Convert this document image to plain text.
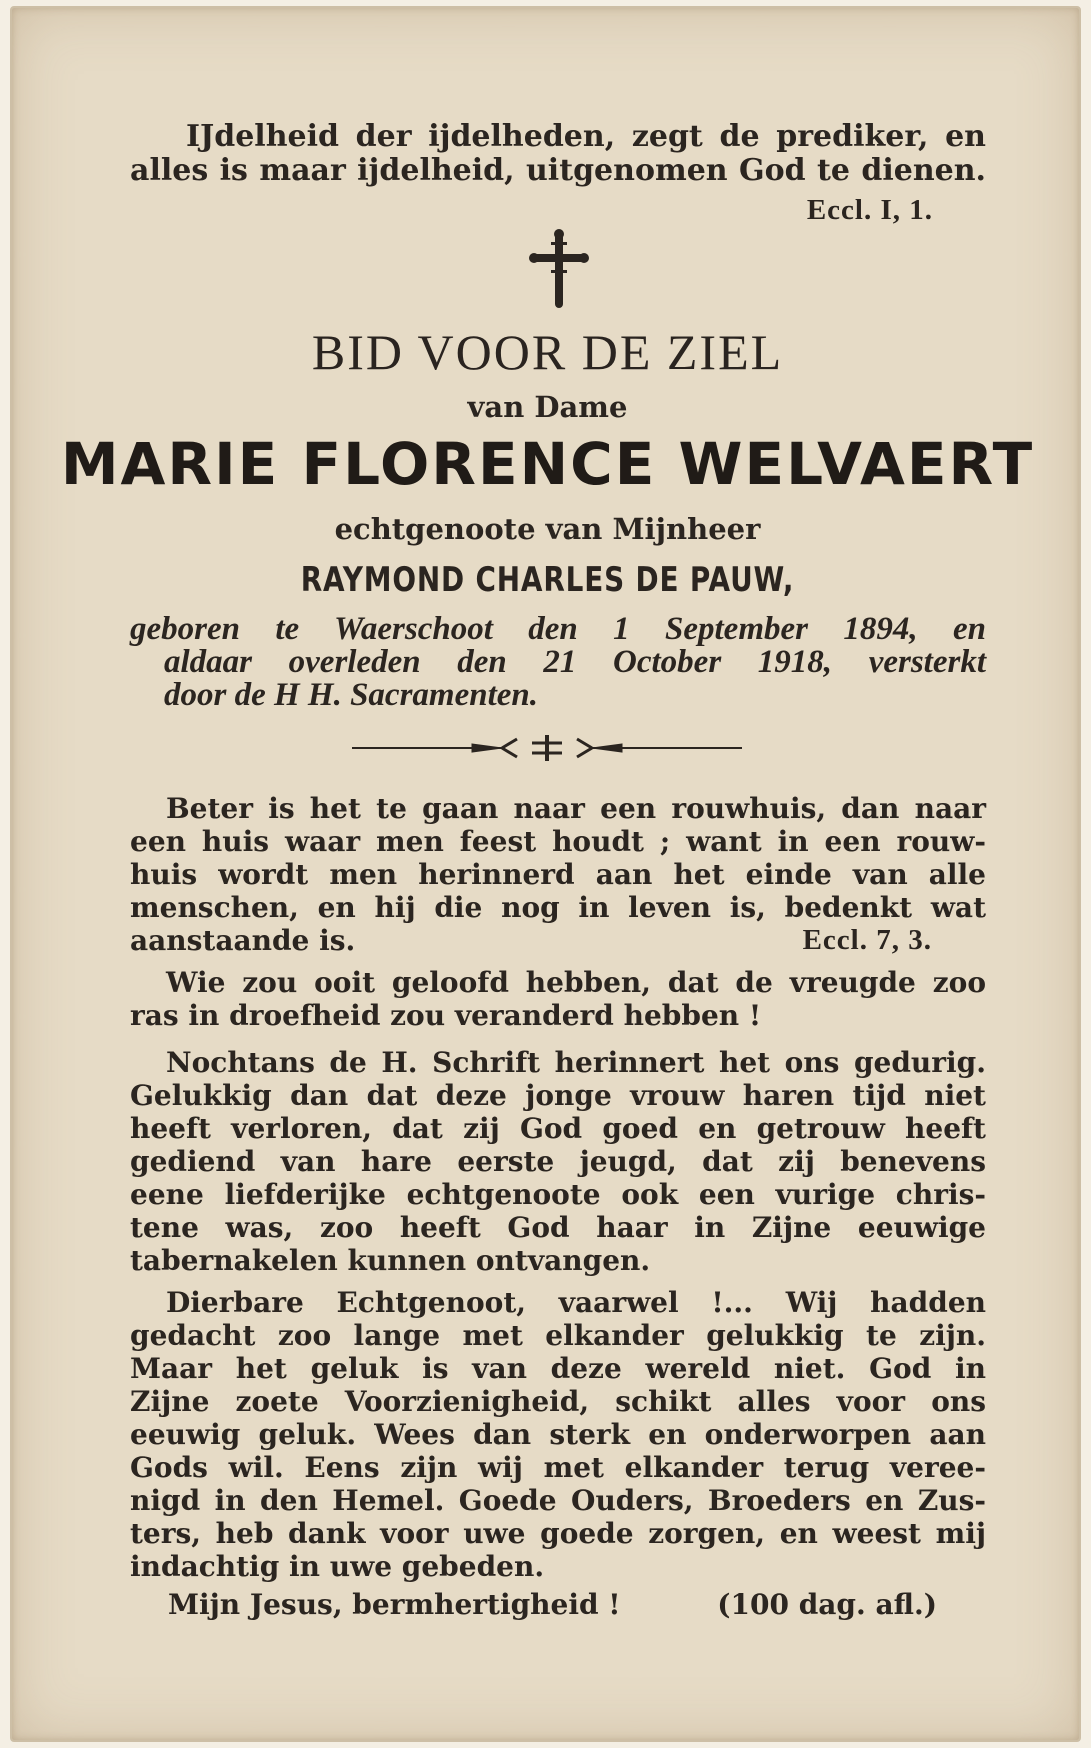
IJdelheid der ijdelheden, zegt de prediker, en
alles is maar ijdelheid, uitgenomen God te dienen.

Eccl. I, 1.
BID VOOR DE ZIEL
van Dame
MARIE FLORENCE WELVAERT
echtgenoote van Mijnheer
RAYMOND CHARLES DE PAUW,
geboren te Waerschoot den 1 September 1894, en
aldaar overleden den 21 October 1918, versterkt
door de H H. Sacramenten.
Beter is het te gaan naar een rouwhuis, dan naar
een huis waar men feest houdt ; want in een rouw-
huis wordt men herinnerd aan het einde van alle
menschen, en hij die nog in leven is, bedenkt wat
aanstaande is.	Eccl. 7, 3.
Wie zou ooit geloofd hebben, dat de vreugde zoo
ras in droefheid zou veranderd hebben !
Nochtans de H. Schrift herinnert het ons gedurig.
Gelukkig dan dat deze jonge vrouw haren tijd niet
heeft verloren, dat zij God goed en getrouw heeft
gediend van hare eerste jeugd, dat zij benevens
eene liefderijke echtgenoote ook een vurige chris-
tene was, zoo heeft God haar in Zijne eeuwige
tabernakelen kunnen ontvangen.
Dierbare Echtgenoot, vaarwel !... Wij hadden
gedacht zoo lange met elkander gelukkig te zijn.
Maar het geluk is van deze wereld niet. God in
Zijne zoete Voorzienigheid, schikt alles voor ons
eeuwig geluk. Wees dan sterk en onderworpen aan
Gods wil. Eens zijn wij met elkander terug veree-
nigd in den Hemel. Goede Ouders, Broeders en Zus-
ters, heb dank voor uwe goede zorgen, en weest mij
indachtig in uwe gebeden.
Mijn Jesus, bermhertigheid !	(100 dag. afl.)
